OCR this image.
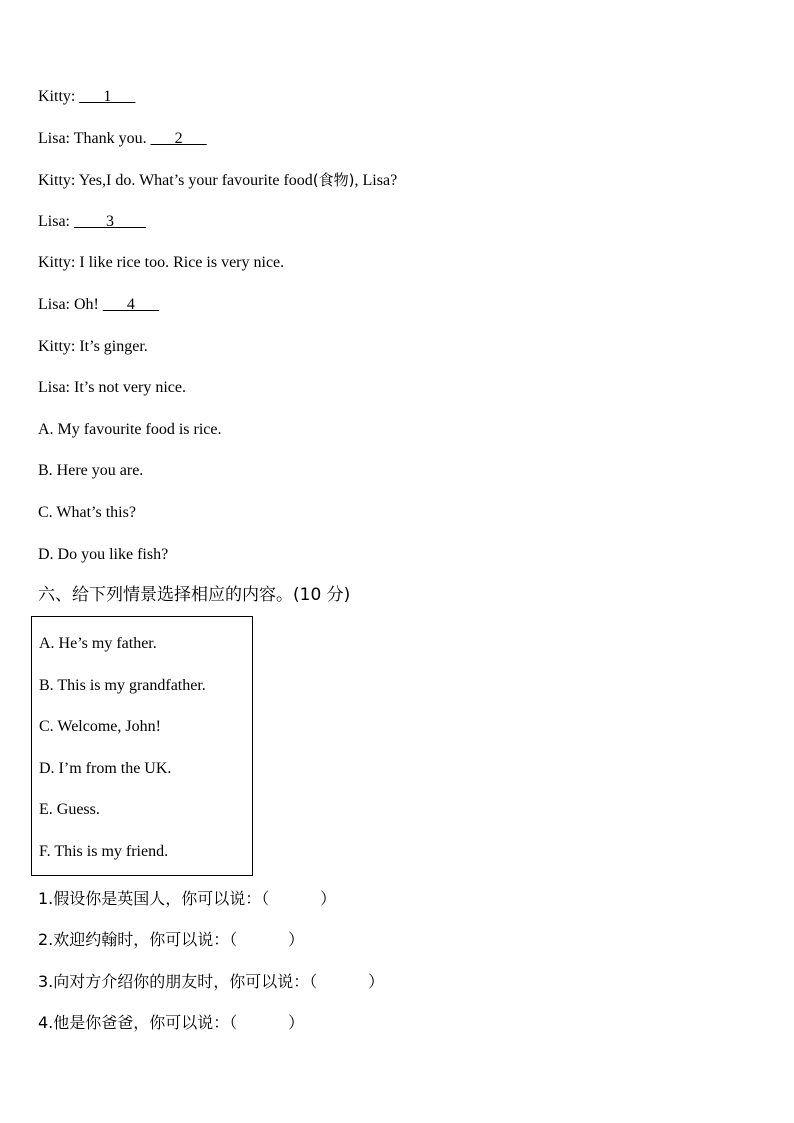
Kitty: ___1___
Lisa: Thank you. ___2___
Kitty: Yes,I do. What’s your favourite food(食物), Lisa?
Lisa: ____3____
Kitty: I like rice too. Rice is very nice.
Lisa: Oh! ___4___
Kitty: It’s ginger.
Lisa: It’s not very nice.
A. My favourite food is rice.
B. Here you are.
C. What’s this?
D. Do you like fish?
六、给下列情景选择相应的内容。(10 分)
A. He’s my father.
B. This is my grandfather.
C. Welcome, John!
D. I’m from the UK.
E. Guess.
F. This is my friend.
1.假设你是英国人，你可以说：（          ）
2.欢迎约翰时，你可以说：（          ）
3.向对方介绍你的朋友时，你可以说：（          ）
4.他是你爸爸，你可以说：（          ）
